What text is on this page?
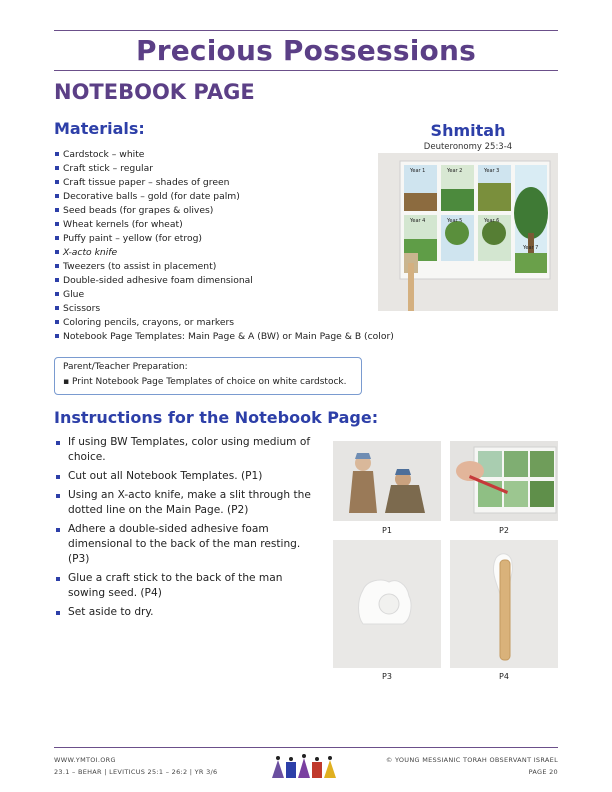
Precious Possessions
NOTEBOOK PAGE
Materials:
Cardstock – white
Craft stick – regular
Craft tissue paper – shades of green
Decorative balls – gold (for date palm)
Seed beads (for grapes & olives)
Wheat kernels (for wheat)
Puffy paint – yellow (for etrog)
X-acto knife
Tweezers (to assist in placement)
Double-sided adhesive foam dimensional
Glue
Scissors
Coloring pencils, crayons, or markers
Notebook Page Templates: Main Page & A (BW) or Main Page & B (color)
Shmitah
Deuteronomy 25:3-4
Year 1	Year 2	Year 3
Year 4	Year 5	Year 6
Year 7
Parent/Teacher Preparation:
▪ Print Notebook Page Templates of choice on white cardstock.
Instructions for the Notebook Page:
If using BW Templates, color using medium of choice.
Cut out all Notebook Templates. (P1)
Using an X-acto knife, make a slit through the dotted line on the Main Page. (P2)
Adhere a double-sided adhesive foam dimensional to the back of the man resting. (P3)
Glue a craft stick to the back of the man sowing seed. (P4)
Set aside to dry.
P1	P2
P3	P4
WWW.YMTOI.ORG
23.1 – BEHAR | LEVITICUS 25:1 – 26:2 | YR 3/6
© YOUNG MESSIANIC TORAH OBSERVANT ISRAEL
PAGE 20
